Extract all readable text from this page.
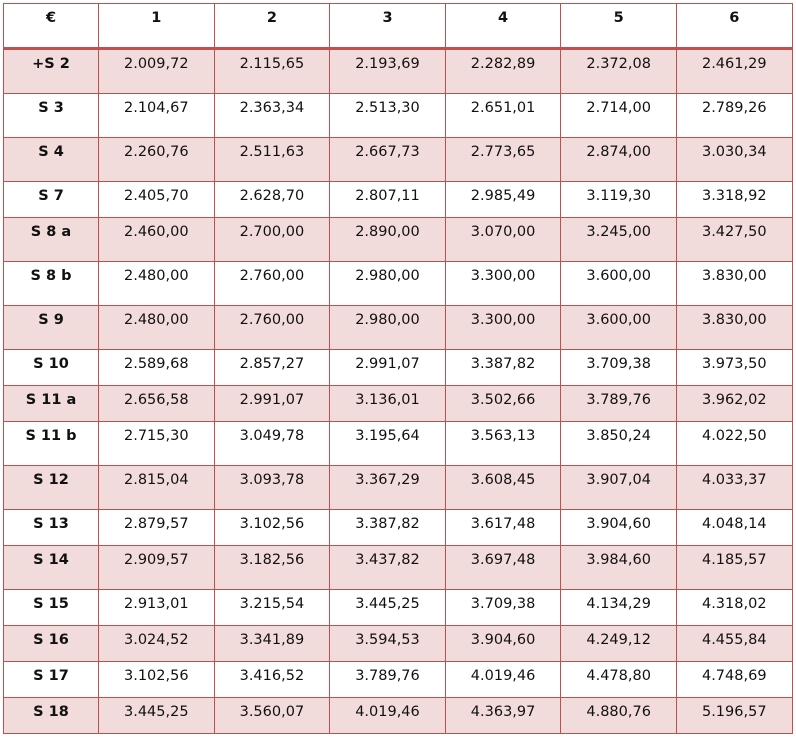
€	1	2	3	4	5	6
+S 2	2.009,72	2.115,65	2.193,69	2.282,89	2.372,08	2.461,29
S 3	2.104,67	2.363,34	2.513,30	2.651,01	2.714,00	2.789,26
S 4	2.260,76	2.511,63	2.667,73	2.773,65	2.874,00	3.030,34
S 7	2.405,70	2.628,70	2.807,11	2.985,49	3.119,30	3.318,92
S 8 a	2.460,00	2.700,00	2.890,00	3.070,00	3.245,00	3.427,50
S 8 b	2.480,00	2.760,00	2.980,00	3.300,00	3.600,00	3.830,00
S 9	2.480,00	2.760,00	2.980,00	3.300,00	3.600,00	3.830,00
S 10	2.589,68	2.857,27	2.991,07	3.387,82	3.709,38	3.973,50
S 11 a	2.656,58	2.991,07	3.136,01	3.502,66	3.789,76	3.962,02
S 11 b	2.715,30	3.049,78	3.195,64	3.563,13	3.850,24	4.022,50
S 12	2.815,04	3.093,78	3.367,29	3.608,45	3.907,04	4.033,37
S 13	2.879,57	3.102,56	3.387,82	3.617,48	3.904,60	4.048,14
S 14	2.909,57	3.182,56	3.437,82	3.697,48	3.984,60	4.185,57
S 15	2.913,01	3.215,54	3.445,25	3.709,38	4.134,29	4.318,02
S 16	3.024,52	3.341,89	3.594,53	3.904,60	4.249,12	4.455,84
S 17	3.102,56	3.416,52	3.789,76	4.019,46	4.478,80	4.748,69
S 18	3.445,25	3.560,07	4.019,46	4.363,97	4.880,76	5.196,57
